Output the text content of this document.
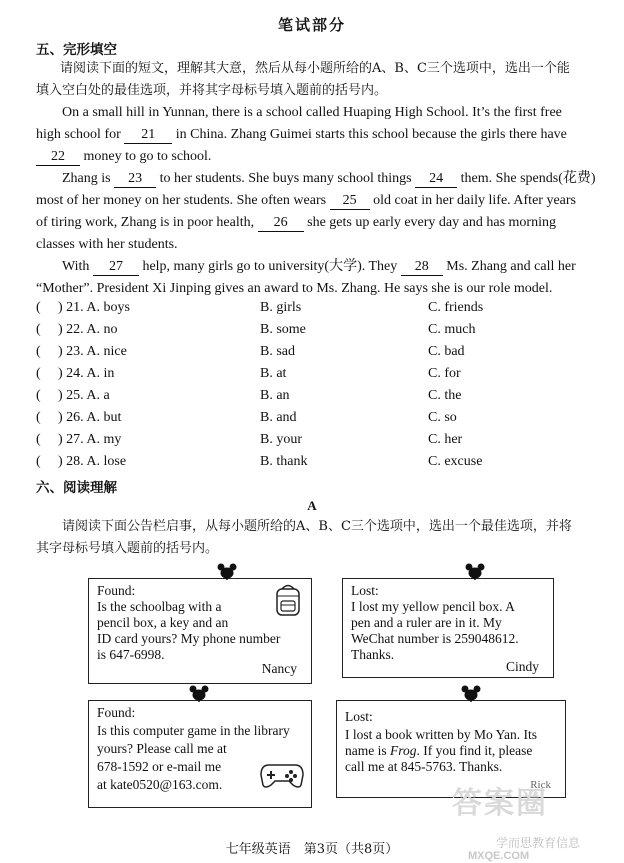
笔试部分
五、完形填空
请阅读下面的短文，理解其大意，然后从每小题所给的A、B、C三个选项中，选出一个能
填入空白处的最佳选项，并将其字母标号填入题前的括号内。
On a small hill in Yunnan, there is a school called Huaping High School. It’s the first free
high school for 21 in China. Zhang Guimei starts this school because the girls there have
22 money to go to school.
Zhang is 23 to her students. She buys many school things 24 them. She spends(花费)
most of her money on her students. She often wears 25 old coat in her daily life. After years
of tiring work, Zhang is in poor health, 26 she gets up early every day and has morning
classes with her students.
With 27 help, many girls go to university(大学). They 28 Ms. Zhang and call her
“Mother”. President Xi Jinping gives an award to Ms. Zhang. He says she is our role model.
( ) 21. A. boys	B. girls	C. friends
( ) 22. A. no	B. some	C. much
( ) 23. A. nice	B. sad	C. bad
( ) 24. A. in	B. at	C. for
( ) 25. A. a	B. an	C. the
( ) 26. A. but	B. and	C. so
( ) 27. A. my	B. your	C. her
( ) 28. A. lose	B. thank	C. excuse
六、阅读理解
A
请阅读下面公告栏启事，从每小题所给的A、B、C三个选项中，选出一个最佳选项，并将
其字母标号填入题前的括号内。
Found:
Is the schoolbag with a
pencil box, a key and an
ID card yours? My phone number
is 647-6998.
Nancy
Lost:
I lost my yellow pencil box. A
pen and a ruler are in it. My
WeChat number is 259048612.
Thanks.
Cindy
Found:
Is this computer game in the library
yours? Please call me at
678-1592 or e-mail me
at kate0520@163.com.
Lost:
I lost a book written by Mo Yan. Its
name is Frog. If you find it, please
call me at 845-5763. Thanks.
Rick
答案圈
学而思教育信息
MXQE.COM
七年级英语　第3页（共8页）
